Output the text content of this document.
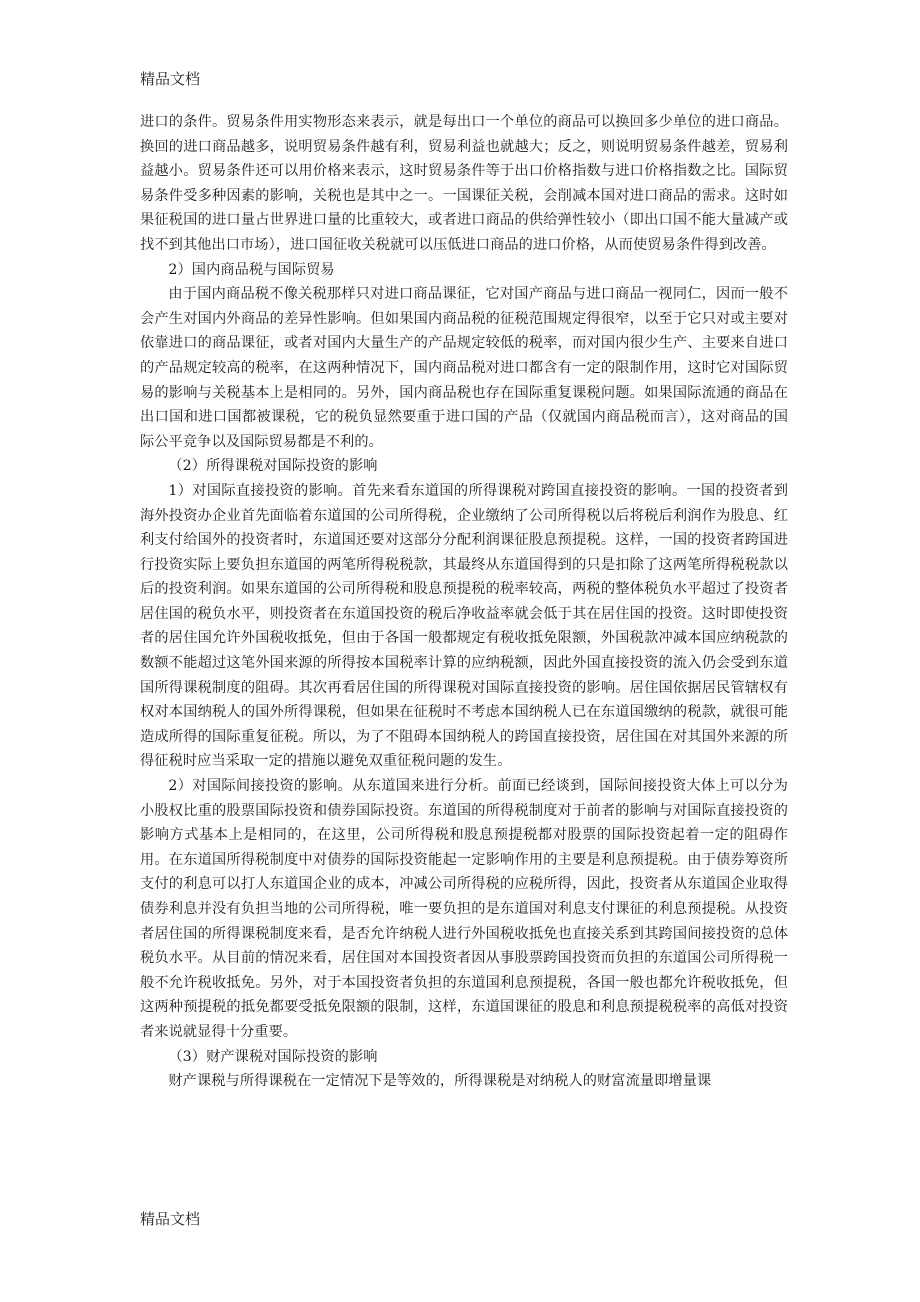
精品文档

进口的条件。贸易条件用实物形态来表示，就是每出口一个单位的商品可以换回多少单位的进口商品。换回的进口商品越多，说明贸易条件越有利，贸易利益也就越大；反之，则说明贸易条件越差，贸易利益越小。贸易条件还可以用价格来表示，这时贸易条件等于出口价格指数与进口价格指数之比。国际贸易条件受多种因素的影响，关税也是其中之一。一国课征关税，会削减本国对进口商品的需求。这时如果征税国的进口量占世界进口量的比重较大，或者进口商品的供给弹性较小（即出口国不能大量减产或找不到其他出口市场），进口国征收关税就可以压低进口商品的进口价格，从而使贸易条件得到改善。

2）国内商品税与国际贸易

由于国内商品税不像关税那样只对进口商品课征，它对国产商品与进口商品一视同仁，因而一般不会产生对国内外商品的差异性影响。但如果国内商品税的征税范围规定得很窄，以至于它只对或主要对依靠进口的商品课征，或者对国内大量生产的产品规定较低的税率，而对国内很少生产、主要来自进口的产品规定较高的税率，在这两种情况下，国内商品税对进口都含有一定的限制作用，这时它对国际贸易的影响与关税基本上是相同的。另外，国内商品税也存在国际重复课税问题。如果国际流通的商品在出口国和进口国都被课税，它的税负显然要重于进口国的产品（仅就国内商品税而言），这对商品的国际公平竞争以及国际贸易都是不利的。

（2）所得课税对国际投资的影响

1）对国际直接投资的影响。首先来看东道国的所得课税对跨国直接投资的影响。一国的投资者到海外投资办企业首先面临着东道国的公司所得税，企业缴纳了公司所得税以后将税后利润作为股息、红利支付给国外的投资者时，东道国还要对这部分分配利润课征股息预提税。这样，一国的投资者跨国进行投资实际上要负担东道国的两笔所得税税款，其最终从东道国得到的只是扣除了这两笔所得税税款以后的投资利润。如果东道国的公司所得税和股息预提税的税率较高，两税的整体税负水平超过了投资者居住国的税负水平，则投资者在东道国投资的税后净收益率就会低于其在居住国的投资。这时即使投资者的居住国允许外国税收抵免，但由于各国一般都规定有税收抵免限额，外国税款冲减本国应纳税款的数额不能超过这笔外国来源的所得按本国税率计算的应纳税额，因此外国直接投资的流入仍会受到东道国所得课税制度的阻碍。其次再看居住国的所得课税对国际直接投资的影响。居住国依据居民管辖权有权对本国纳税人的国外所得课税，但如果在征税时不考虑本国纳税人已在东道国缴纳的税款，就很可能造成所得的国际重复征税。所以，为了不阻碍本国纳税人的跨国直接投资，居住国在对其国外来源的所得征税时应当采取一定的措施以避免双重征税问题的发生。

2）对国际间接投资的影响。从东道国来进行分析。前面已经谈到，国际间接投资大体上可以分为小股权比重的股票国际投资和债券国际投资。东道国的所得税制度对于前者的影响与对国际直接投资的影响方式基本上是相同的，在这里，公司所得税和股息预提税都对股票的国际投资起着一定的阻碍作用。在东道国所得税制度中对债券的国际投资能起一定影响作用的主要是利息预提税。由于债券筹资所支付的利息可以打人东道国企业的成本，冲减公司所得税的应税所得，因此，投资者从东道国企业取得债券利息并没有负担当地的公司所得税，唯一要负担的是东道国对利息支付课征的利息预提税。从投资者居住国的所得课税制度来看，是否允许纳税人进行外国税收抵免也直接关系到其跨国间接投资的总体税负水平。从目前的情况来看，居住国对本国投资者因从事股票跨国投资而负担的东道国公司所得税一般不允许税收抵免。另外，对于本国投资者负担的东道国利息预提税，各国一般也都允许税收抵免，但这两种预提税的抵免都要受抵免限额的限制，这样，东道国课征的股息和利息预提税税率的高低对投资者来说就显得十分重要。

（3）财产课税对国际投资的影响

财产课税与所得课税在一定情况下是等效的，所得课税是对纳税人的财富流量即增量课

精品文档
